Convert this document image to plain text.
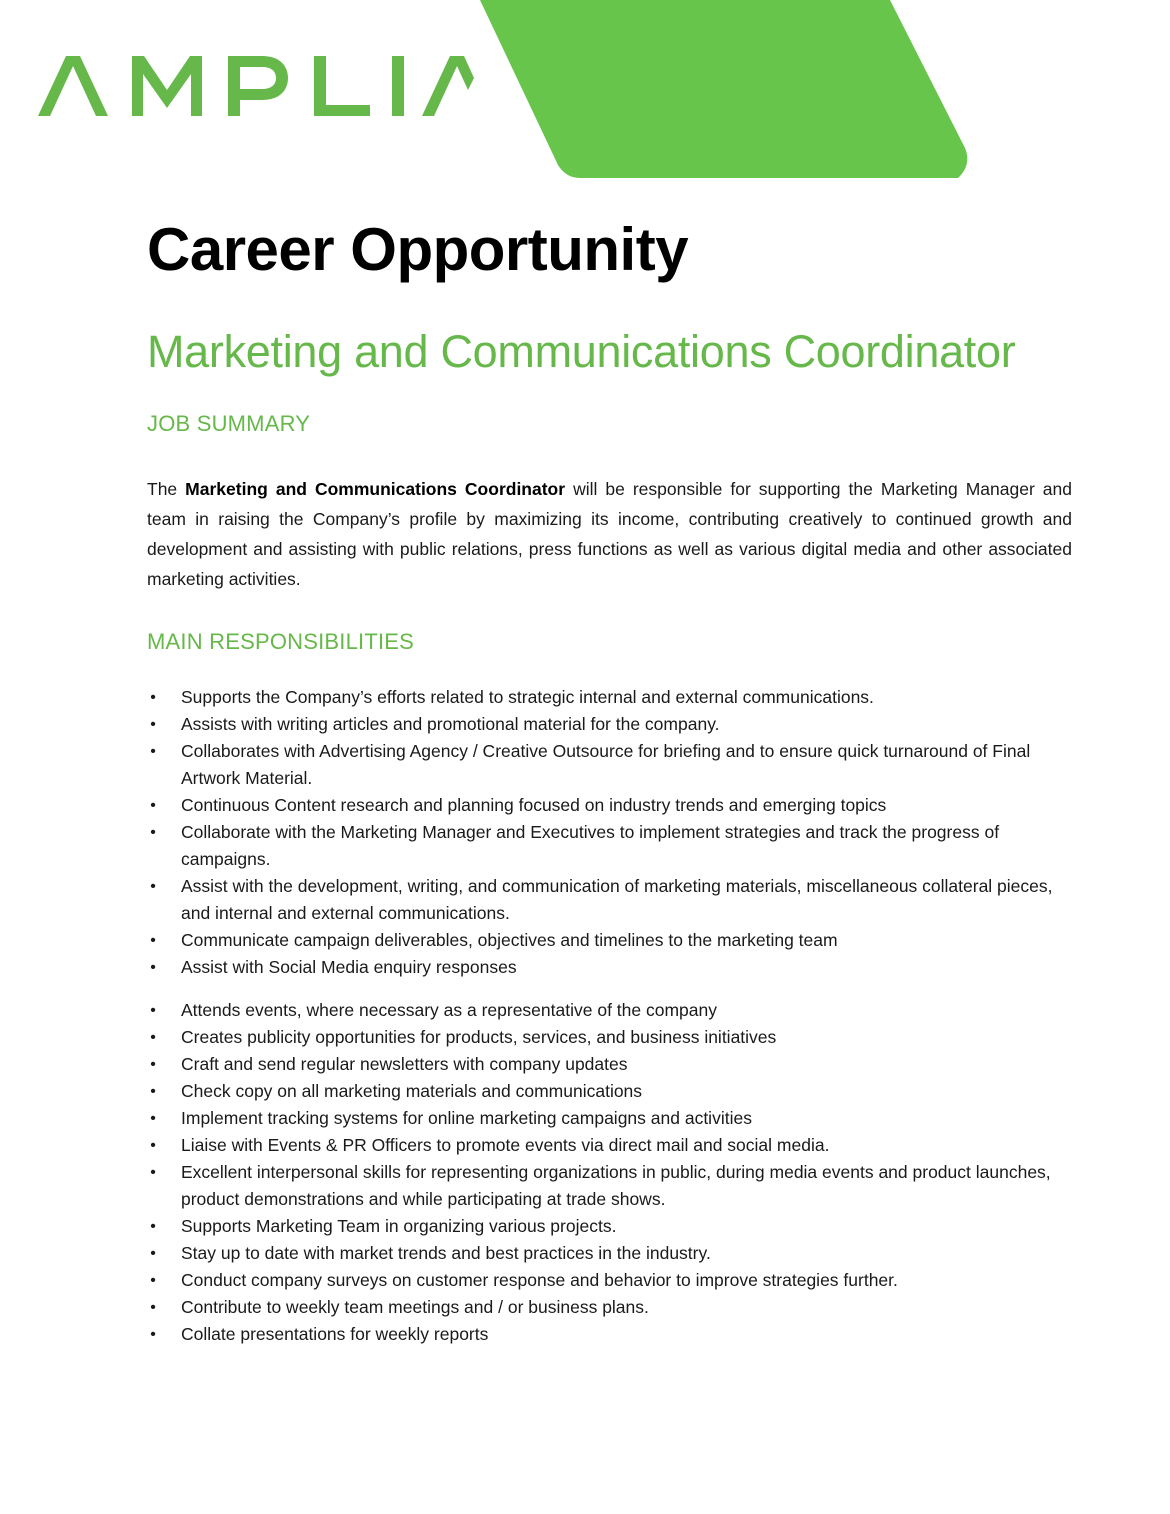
Career Opportunity
Marketing and Communications Coordinator
JOB SUMMARY

The Marketing and Communications Coordinator will be responsible for supporting the Marketing Manager and team in raising the Company’s profile by maximizing its income, contributing creatively to continued growth and development and assisting with public relations, press functions as well as various digital media and other associated marketing activities.

MAIN RESPONSIBILITIES
• Supports the Company’s efforts related to strategic internal and external communications.
• Assists with writing articles and promotional material for the company.
• Collaborates with Advertising Agency / Creative Outsource for briefing and to ensure quick turnaround of Final Artwork Material.
• Continuous Content research and planning focused on industry trends and emerging topics
• Collaborate with the Marketing Manager and Executives to implement strategies and track the progress of campaigns.
• Assist with the development, writing, and communication of marketing materials, miscellaneous collateral pieces, and internal and external communications.
• Communicate campaign deliverables, objectives and timelines to the marketing team
• Assist with Social Media enquiry responses
• Attends events, where necessary as a representative of the company
• Creates publicity opportunities for products, services, and business initiatives
• Craft and send regular newsletters with company updates
• Check copy on all marketing materials and communications
• Implement tracking systems for online marketing campaigns and activities
• Liaise with Events & PR Officers to promote events via direct mail and social media.
• Excellent interpersonal skills for representing organizations in public, during media events and product launches, product demonstrations and while participating at trade shows.
• Supports Marketing Team in organizing various projects.
• Stay up to date with market trends and best practices in the industry.
• Conduct company surveys on customer response and behavior to improve strategies further.
• Contribute to weekly team meetings and / or business plans.
• Collate presentations for weekly reports
